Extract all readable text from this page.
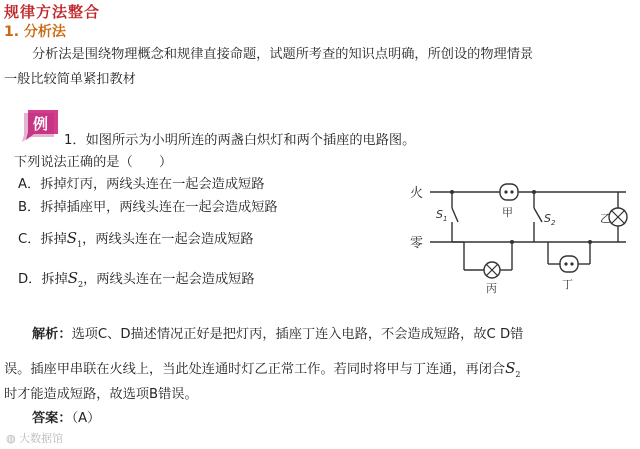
规律方法整合
1. 分析法
分析法是围绕物理概念和规律直接命题，试题所考查的知识点明确，所创设的物理情景
一般比较简单紧扣教材
例
1．如图所示为小明所连的两盏白炽灯和两个插座的电路图。
下列说法正确的是（　　）
A．拆掉灯丙，两线头连在一起会造成短路
B．拆掉插座甲，两线头连在一起会造成短路
C．拆掉$S_1$，两线头连在一起会造成短路
D．拆掉$S_2$，两线头连在一起会造成短路
火
零
$S_1$	$S_2$
甲	乙
丙	丁
解析：选项C、D描述情况正好是把灯丙，插座丁连入电路，不会造成短路，故C D错
误。插座甲串联在火线上，当此处连通时灯乙正常工作。若同时将甲与丁连通，再闭合$S_2$
时才能造成短路，故选项B错误。
答案：（A）
◍ 大数据馆
